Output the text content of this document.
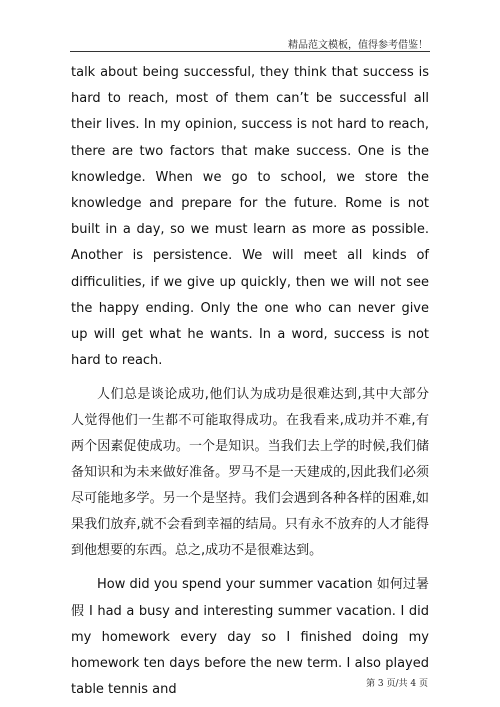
精品范文模板，值得参考借鉴！

talk about being successful, they think that success is hard to reach, most of them can’t be successful all their lives. In my opinion, success is not hard to reach, there are two factors that make success. One is the knowledge. When we go to school, we store the knowledge and prepare for the future. Rome is not built in a day, so we must learn as more as possible. Another is persistence. We will meet all kinds of difficulities, if we give up quickly, then we will not see the happy ending. Only the one who can never give up will get what he wants. In a word, success is not hard to reach.

人们总是谈论成功,他们认为成功是很难达到,其中大部分人觉得他们一生都不可能取得成功。在我看来,成功并不难,有两个因素促使成功。一个是知识。当我们去上学的时候,我们储备知识和为未来做好准备。罗马不是一天建成的,因此我们必须尽可能地多学。另一个是坚持。我们会遇到各种各样的困难,如果我们放弃,就不会看到幸福的结局。只有永不放弃的人才能得到他想要的东西。总之,成功不是很难达到。

How did you spend your summer vacation 如何过暑假 I had a busy and interesting summer vacation. I did my homework every day so I finished doing my homework ten days before the new term. I also played table tennis and	第 3 页/共 4 页
